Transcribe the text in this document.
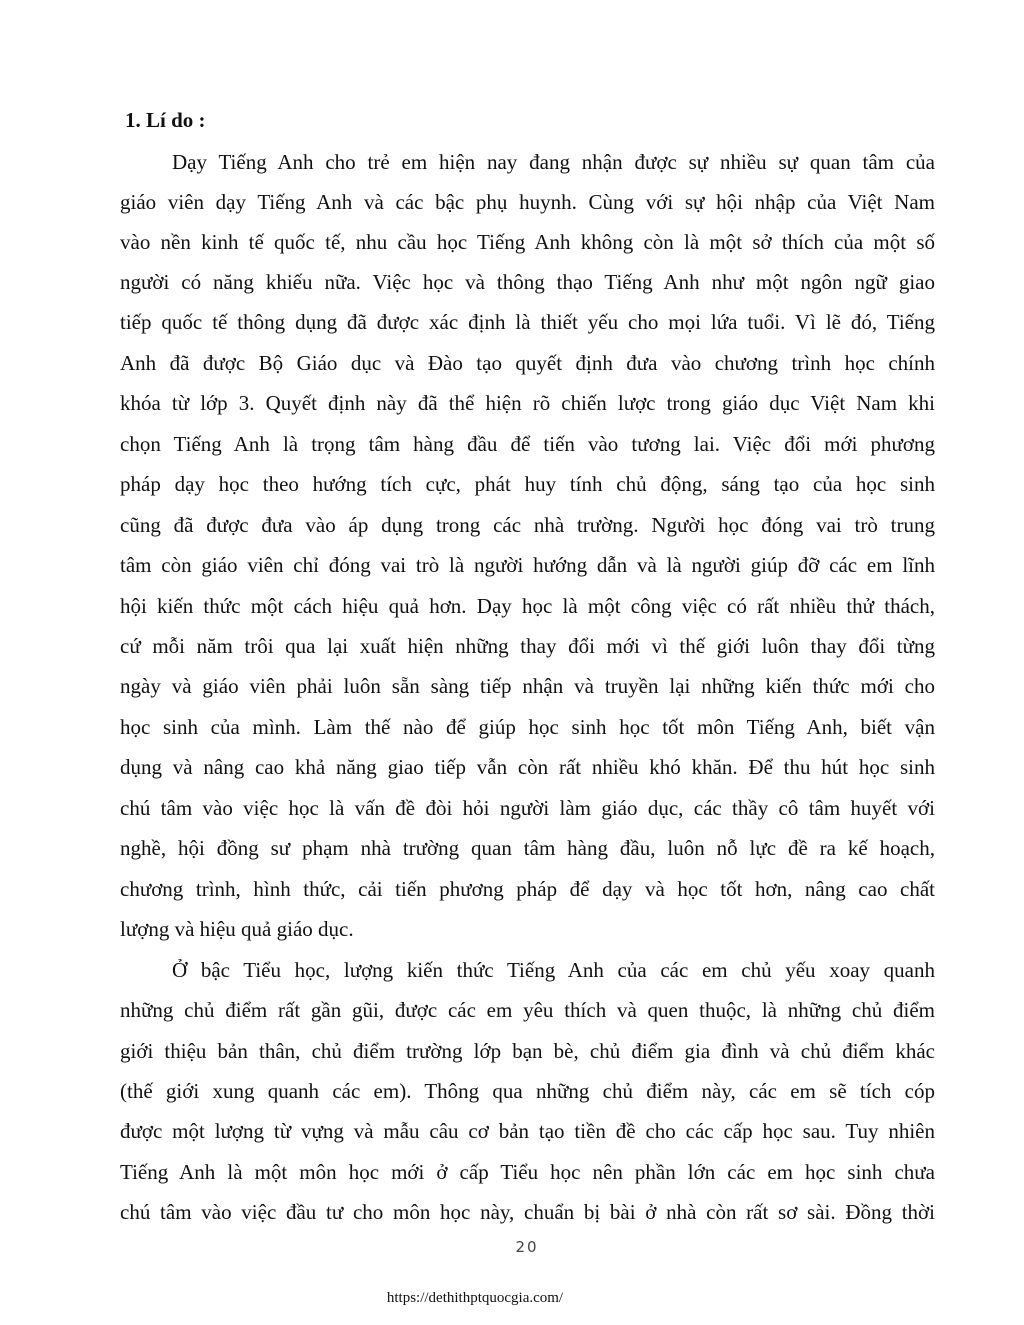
1. Lí do :
Dạy Tiếng Anh cho trẻ em hiện nay đang nhận được sự nhiều sự quan tâm của
giáo viên dạy Tiếng Anh và các bậc phụ huynh. Cùng với sự hội nhập của Việt Nam
vào nền kinh tế quốc tế, nhu cầu học Tiếng Anh không còn là một sở thích của một số
người có năng khiếu nữa. Việc học và thông thạo Tiếng Anh như một ngôn ngữ giao
tiếp quốc tế thông dụng đã được xác định là thiết yếu cho mọi lứa tuổi. Vì lẽ đó, Tiếng
Anh đã được Bộ Giáo dục và Đào tạo quyết định đưa vào chương trình học chính
khóa từ lớp 3. Quyết định này đã thể hiện rõ chiến lược trong giáo dục Việt Nam khi
chọn Tiếng Anh là trọng tâm hàng đầu để tiến vào tương lai. Việc đổi mới phương
pháp dạy học theo hướng tích cực, phát huy tính chủ động, sáng tạo của học sinh
cũng đã được đưa vào áp dụng trong các nhà trường. Người học đóng vai trò trung
tâm còn giáo viên chỉ đóng vai trò là người hướng dẫn và là người giúp đỡ các em lĩnh
hội kiến thức một cách hiệu quả hơn. Dạy học là một công việc có rất nhiều thử thách,
cứ mỗi năm trôi qua lại xuất hiện những thay đổi mới vì thế giới luôn thay đổi từng
ngày và giáo viên phải luôn sẵn sàng tiếp nhận và truyền lại những kiến thức mới cho
học sinh của mình. Làm thế nào để giúp học sinh học tốt môn Tiếng Anh, biết vận
dụng và nâng cao khả năng giao tiếp vẫn còn rất nhiều khó khăn. Để thu hút học sinh
chú tâm vào việc học là vấn đề đòi hỏi người làm giáo dục, các thầy cô tâm huyết với
nghề, hội đồng sư phạm nhà trường quan tâm hàng đầu, luôn nỗ lực đề ra kế hoạch,
chương trình, hình thức, cải tiến phương pháp để dạy và học tốt hơn, nâng cao chất
lượng và hiệu quả giáo dục.
Ở bậc Tiểu học, lượng kiến thức Tiếng Anh của các em chủ yếu xoay quanh
những chủ điểm rất gần gũi, được các em yêu thích và quen thuộc, là những chủ điểm
giới thiệu bản thân, chủ điểm trường lớp bạn bè, chủ điểm gia đình và chủ điểm khác
(thế giới xung quanh các em). Thông qua những chủ điểm này, các em sẽ tích cóp
được một lượng từ vựng và mẫu câu cơ bản tạo tiền đề cho các cấp học sau. Tuy nhiên
Tiếng Anh là một môn học mới ở cấp Tiểu học nên phần lớn các em học sinh chưa
chú tâm vào việc đầu tư cho môn học này, chuẩn bị bài ở nhà còn rất sơ sài. Đồng thời
20
https://dethithptquocgia.com/
